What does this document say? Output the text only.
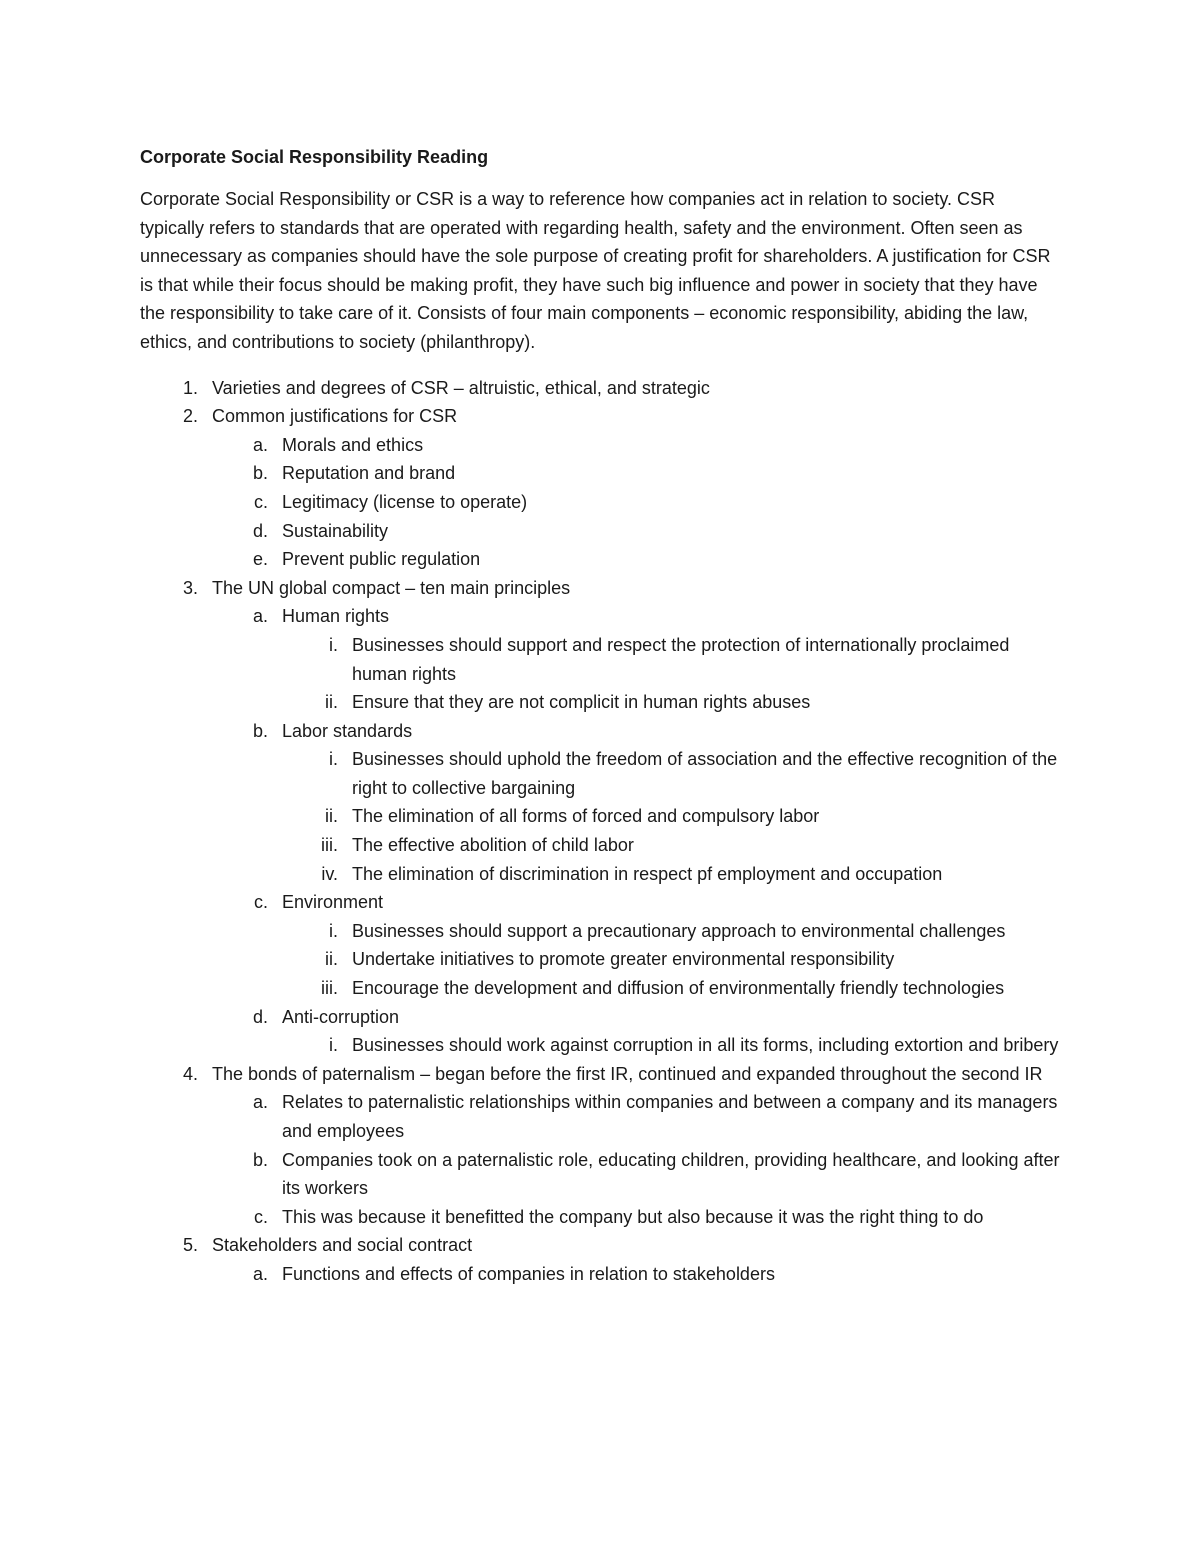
Corporate Social Responsibility Reading

Corporate Social Responsibility or CSR is a way to reference how companies act in relation to society. CSR typically refers to standards that are operated with regarding health, safety and the environment. Often seen as unnecessary as companies should have the sole purpose of creating profit for shareholders. A justification for CSR is that while their focus should be making profit, they have such big influence and power in society that they have the responsibility to take care of it. Consists of four main components – economic responsibility, abiding the law, ethics, and contributions to society (philanthropy).

1. Varieties and degrees of CSR – altruistic, ethical, and strategic
2. Common justifications for CSR
a. Morals and ethics
b. Reputation and brand
c. Legitimacy (license to operate)
d. Sustainability
e. Prevent public regulation
3. The UN global compact – ten main principles
a. Human rights
i. Businesses should support and respect the protection of internationally proclaimed human rights
ii. Ensure that they are not complicit in human rights abuses
b. Labor standards
i. Businesses should uphold the freedom of association and the effective recognition of the right to collective bargaining
ii. The elimination of all forms of forced and compulsory labor
iii. The effective abolition of child labor
iv. The elimination of discrimination in respect pf employment and occupation
c. Environment
i. Businesses should support a precautionary approach to environmental challenges
ii. Undertake initiatives to promote greater environmental responsibility
iii. Encourage the development and diffusion of environmentally friendly technologies
d. Anti-corruption
i. Businesses should work against corruption in all its forms, including extortion and bribery
4. The bonds of paternalism – began before the first IR, continued and expanded throughout the second IR
a. Relates to paternalistic relationships within companies and between a company and its managers and employees
b. Companies took on a paternalistic role, educating children, providing healthcare, and looking after its workers
c. This was because it benefitted the company but also because it was the right thing to do
5. Stakeholders and social contract
a. Functions and effects of companies in relation to stakeholders
